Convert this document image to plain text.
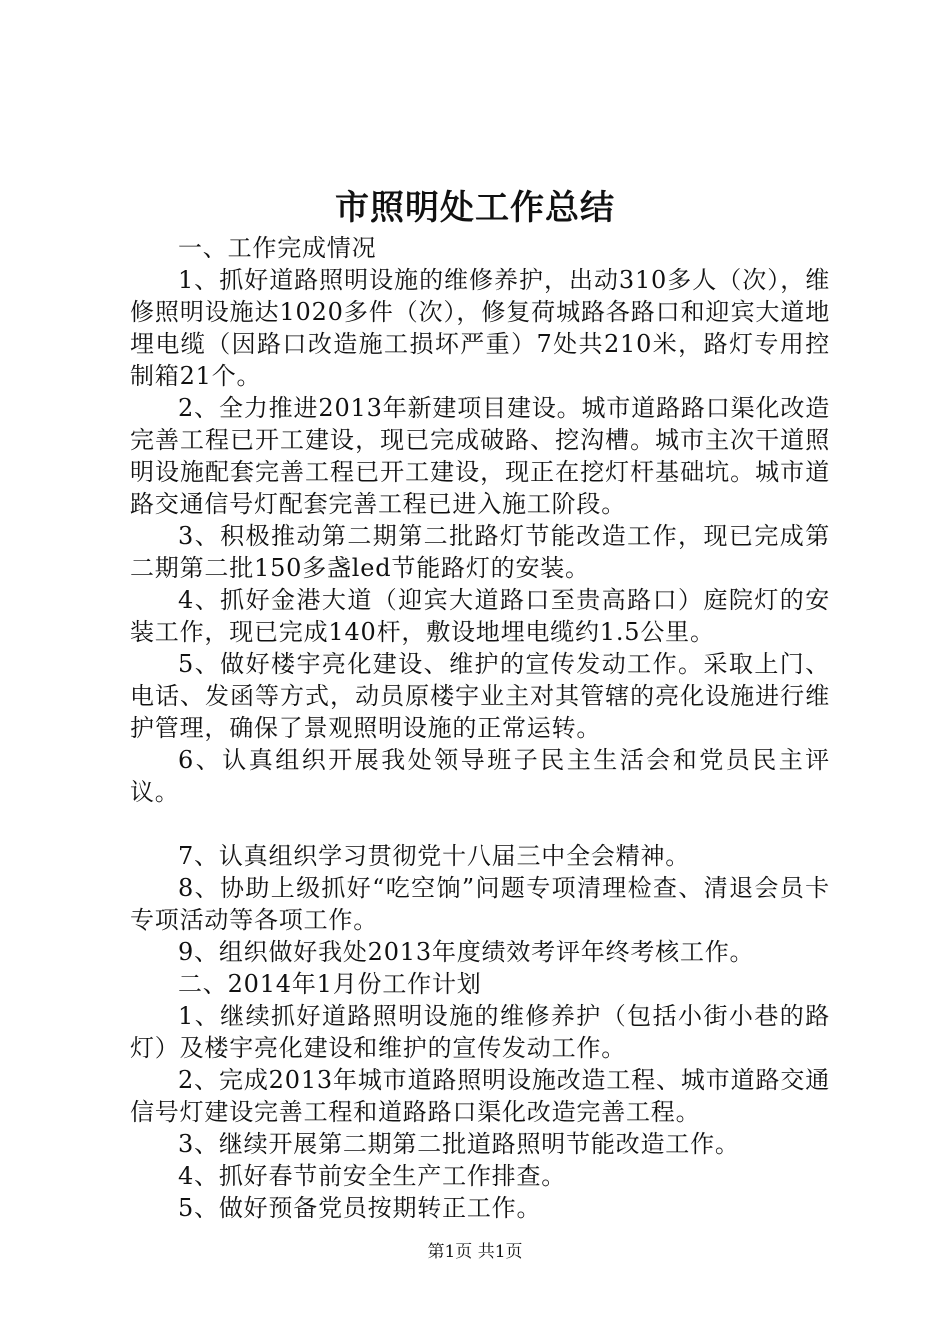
市照明处工作总结

一、工作完成情况

1、抓好道路照明设施的维修养护，出动310多人（次），维修照明设施达1020多件（次），修复荷城路各路口和迎宾大道地埋电缆（因路口改造施工损坏严重）7处共210米，路灯专用控制箱21个。

2、全力推进2013年新建项目建设。城市道路路口渠化改造完善工程已开工建设，现已完成破路、挖沟槽。城市主次干道照明设施配套完善工程已开工建设，现正在挖灯杆基础坑。城市道路交通信号灯配套完善工程已进入施工阶段。

3、积极推动第二期第二批路灯节能改造工作，现已完成第二期第二批150多盏led节能路灯的安装。

4、抓好金港大道（迎宾大道路口至贵高路口）庭院灯的安装工作，现已完成140杆，敷设地埋电缆约1.5公里。

5、做好楼宇亮化建设、维护的宣传发动工作。采取上门、电话、发函等方式，动员原楼宇业主对其管辖的亮化设施进行维护管理，确保了景观照明设施的正常运转。

6、认真组织开展我处领导班子民主生活会和党员民主评议。

7、认真组织学习贯彻党十八届三中全会精神。

8、协助上级抓好“吃空饷”问题专项清理检查、清退会员卡专项活动等各项工作。

9、组织做好我处2013年度绩效考评年终考核工作。

二、2014年1月份工作计划

1、继续抓好道路照明设施的维修养护（包括小街小巷的路灯）及楼宇亮化建设和维护的宣传发动工作。

2、完成2013年城市道路照明设施改造工程、城市道路交通信号灯建设完善工程和道路路口渠化改造完善工程。

3、继续开展第二期第二批道路照明节能改造工作。

4、抓好春节前安全生产工作排查。

5、做好预备党员按期转正工作。

第1页 共1页
